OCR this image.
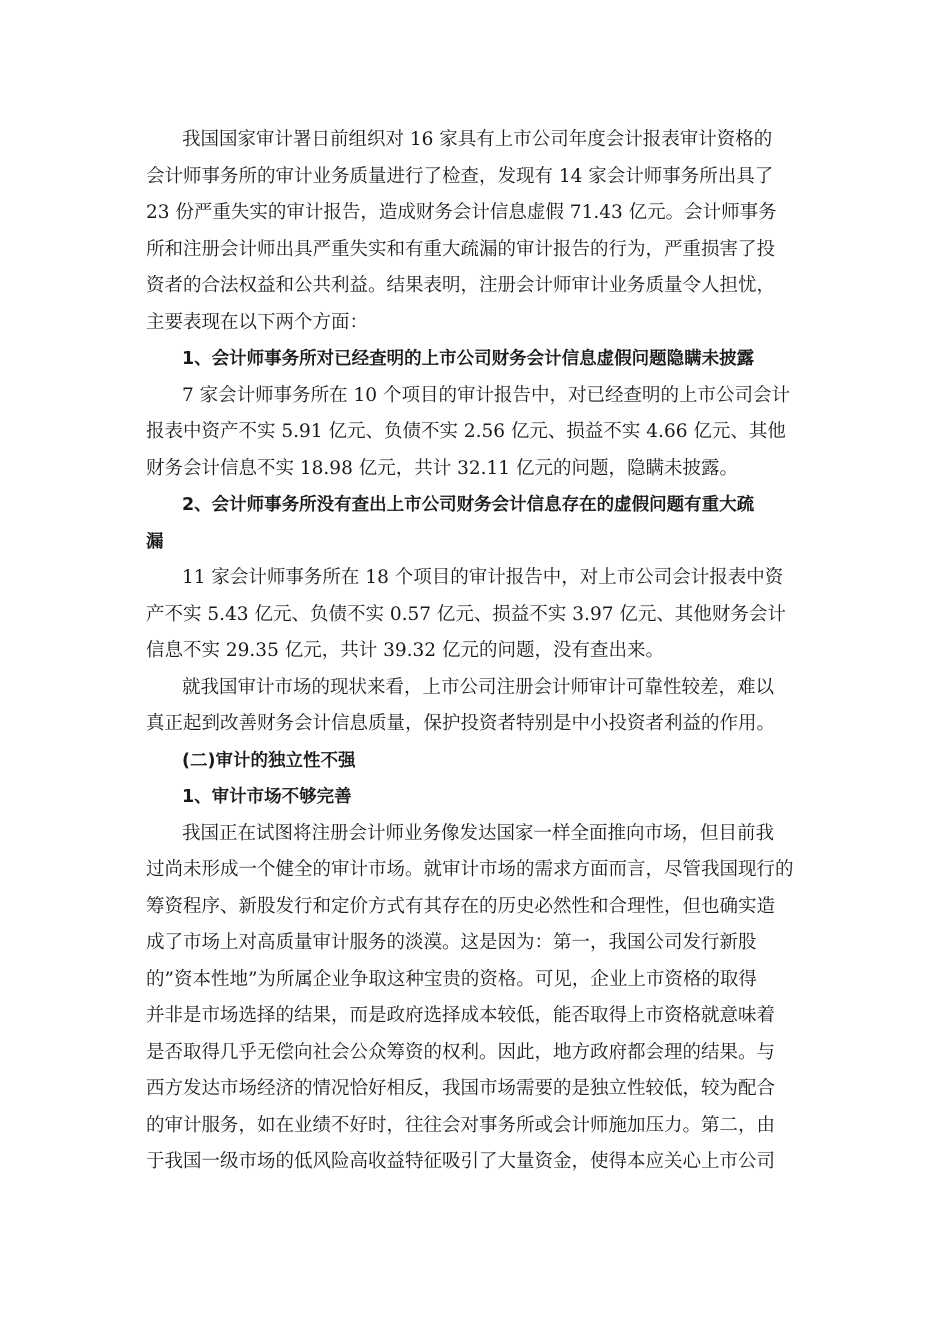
我国国家审计署日前组织对 16 家具有上市公司年度会计报表审计资格的
会计师事务所的审计业务质量进行了检查，发现有 14 家会计师事务所出具了
23 份严重失实的审计报告，造成财务会计信息虚假 71.43 亿元。会计师事务
所和注册会计师出具严重失实和有重大疏漏的审计报告的行为，严重损害了投
资者的合法权益和公共利益。结果表明，注册会计师审计业务质量令人担忧，
主要表现在以下两个方面：
1、会计师事务所对已经查明的上市公司财务会计信息虚假问题隐瞒未披露
7 家会计师事务所在 10 个项目的审计报告中，对已经查明的上市公司会计
报表中资产不实 5.91 亿元、负债不实 2.56 亿元、损益不实 4.66 亿元、其他
财务会计信息不实 18.98 亿元，共计 32.11 亿元的问题，隐瞒未披露。
2、会计师事务所没有查出上市公司财务会计信息存在的虚假问题有重大疏
漏
11 家会计师事务所在 18 个项目的审计报告中，对上市公司会计报表中资
产不实 5.43 亿元、负债不实 0.57 亿元、损益不实 3.97 亿元、其他财务会计
信息不实 29.35 亿元，共计 39.32 亿元的问题，没有查出来。
就我国审计市场的现状来看，上市公司注册会计师审计可靠性较差，难以
真正起到改善财务会计信息质量，保护投资者特别是中小投资者利益的作用。
(二)审计的独立性不强
1、审计市场不够完善
我国正在试图将注册会计师业务像发达国家一样全面推向市场，但目前我
过尚未形成一个健全的审计市场。就审计市场的需求方面而言，尽管我国现行的
筹资程序、新股发行和定价方式有其存在的历史必然性和合理性，但也确实造
成了市场上对高质量审计服务的淡漠。这是因为：第一，我国公司发行新股
的”资本性地”为所属企业争取这种宝贵的资格。可见，企业上市资格的取得
并非是市场选择的结果，而是政府选择成本较低，能否取得上市资格就意味着
是否取得几乎无偿向社会公众筹资的权利。因此，地方政府都会理的结果。与
西方发达市场经济的情况恰好相反，我国市场需要的是独立性较低，较为配合
的审计服务，如在业绩不好时，往往会对事务所或会计师施加压力。第二，由
于我国一级市场的低风险高收益特征吸引了大量资金，使得本应关心上市公司
